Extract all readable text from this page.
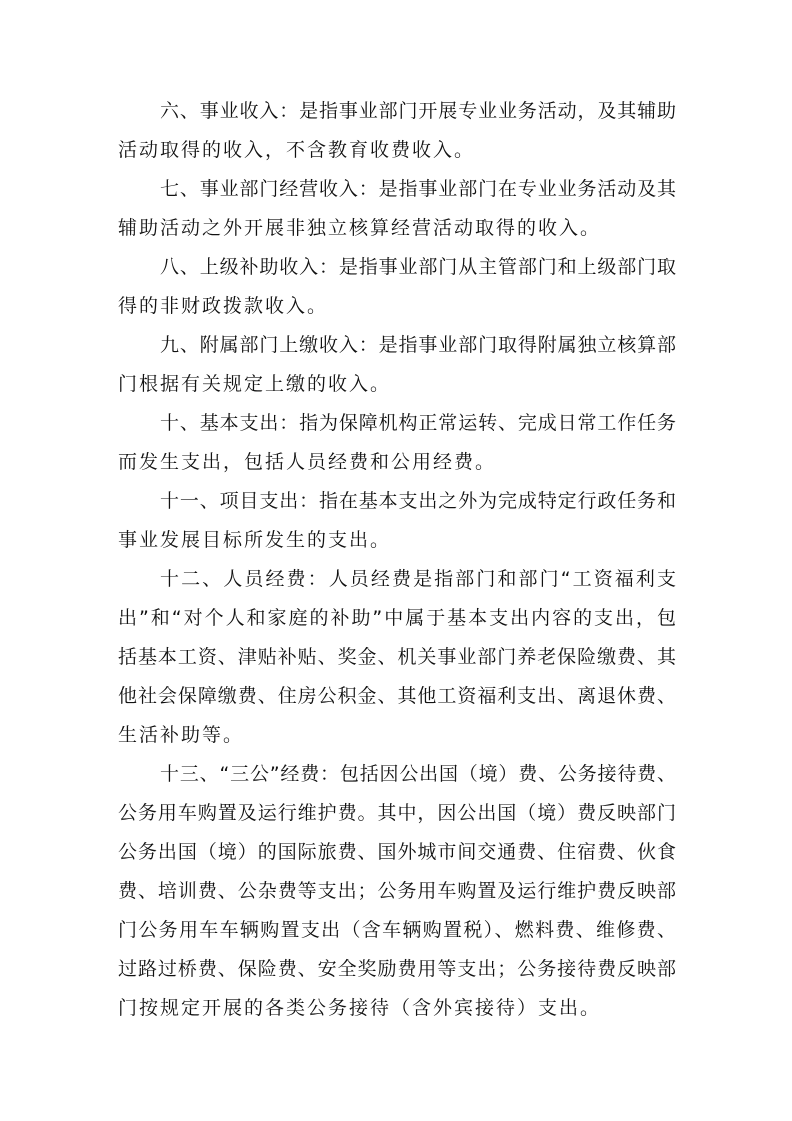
六、事业收入：是指事业部门开展专业业务活动，及其辅助
活动取得的收入，不含教育收费收入。
七、事业部门经营收入：是指事业部门在专业业务活动及其
辅助活动之外开展非独立核算经营活动取得的收入。
八、上级补助收入：是指事业部门从主管部门和上级部门取
得的非财政拨款收入。
九、附属部门上缴收入：是指事业部门取得附属独立核算部
门根据有关规定上缴的收入。
十、基本支出：指为保障机构正常运转、完成日常工作任务
而发生支出，包括人员经费和公用经费。
十一、项目支出：指在基本支出之外为完成特定行政任务和
事业发展目标所发生的支出。
十二、人员经费：人员经费是指部门和部门“工资福利支
出”和“对个人和家庭的补助”中属于基本支出内容的支出，包
括基本工资、津贴补贴、奖金、机关事业部门养老保险缴费、其
他社会保障缴费、住房公积金、其他工资福利支出、离退休费、
生活补助等。
十三、“三公”经费：包括因公出国（境）费、公务接待费、
公务用车购置及运行维护费。其中，因公出国（境）费反映部门
公务出国（境）的国际旅费、国外城市间交通费、住宿费、伙食
费、培训费、公杂费等支出；公务用车购置及运行维护费反映部
门公务用车车辆购置支出（含车辆购置税）、燃料费、维修费、
过路过桥费、保险费、安全奖励费用等支出；公务接待费反映部
门按规定开展的各类公务接待（含外宾接待）支出。
